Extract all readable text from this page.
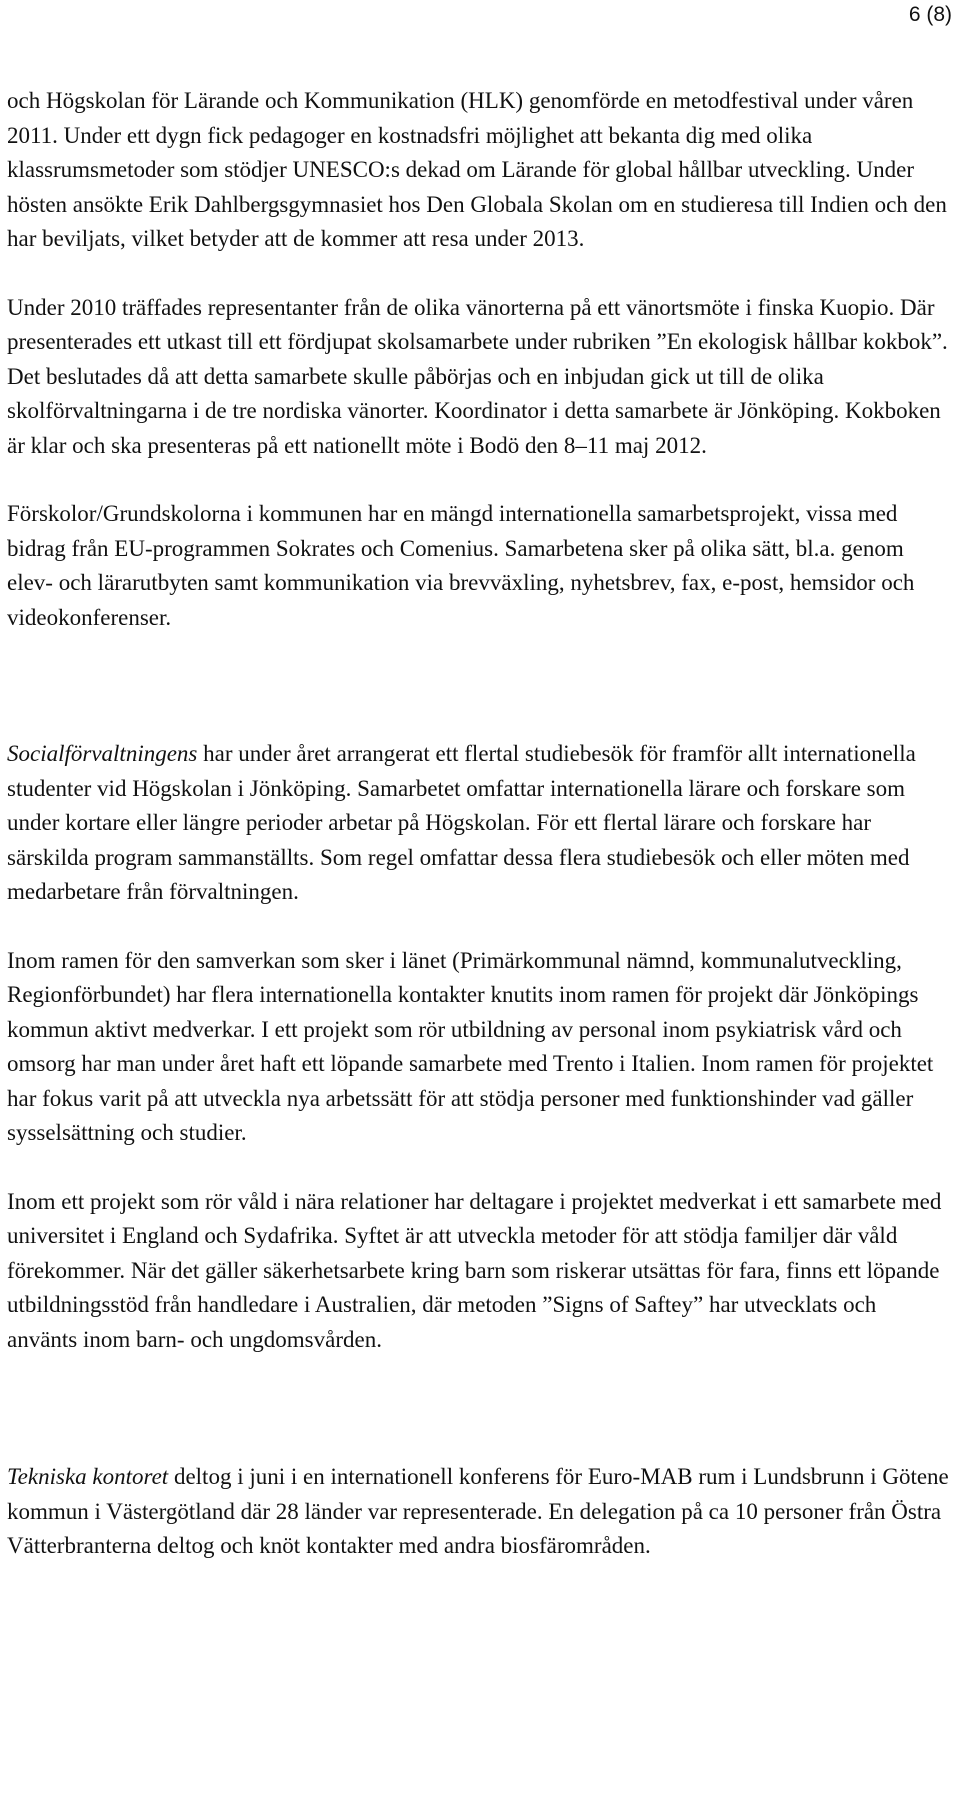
6 (8)

och Högskolan för Lärande och Kommunikation (HLK) genomförde en metodfestival under våren 2011. Under ett dygn fick pedagoger en kostnadsfri möjlighet att bekanta dig med olika klassrumsmetoder som stödjer UNESCO:s dekad om Lärande för global hållbar utveckling. Under hösten ansökte Erik Dahlbergsgymnasiet hos Den Globala Skolan om en studieresa till Indien och den har beviljats, vilket betyder att de kommer att resa under 2013.

Under 2010 träffades representanter från de olika vänorterna på ett vänortsmöte i finska Kuopio. Där presenterades ett utkast till ett fördjupat skolsamarbete under rubriken ”En ekologisk hållbar kokbok”. Det beslutades då att detta samarbete skulle påbörjas och en inbjudan gick ut till de olika skolförvaltningarna i de tre nordiska vänorter. Koordinator i detta samarbete är Jönköping. Kokboken är klar och ska presenteras på ett nationellt möte i Bodö den 8–11 maj 2012.

Förskolor/Grundskolorna i kommunen har en mängd internationella samarbetsprojekt, vissa med bidrag från EU-programmen Sokrates och Comenius. Samarbetena sker på olika sätt, bl.a. genom elev- och lärarutbyten samt kommunikation via brevväxling, nyhetsbrev, fax, e-post, hemsidor och videokonferenser.

Socialförvaltningens har under året arrangerat ett flertal studiebesök för framför allt internationella studenter vid Högskolan i Jönköping. Samarbetet omfattar internationella lärare och forskare som under kortare eller längre perioder arbetar på Högskolan. För ett flertal lärare och forskare har särskilda program sammanställts. Som regel omfattar dessa flera studiebesök och eller möten med medarbetare från förvaltningen.

Inom ramen för den samverkan som sker i länet (Primärkommunal nämnd, kommunalutveckling, Regionförbundet) har flera internationella kontakter knutits inom ramen för projekt där Jönköpings kommun aktivt medverkar. I ett projekt som rör utbildning av personal inom psykiatrisk vård och omsorg har man under året haft ett löpande samarbete med Trento i Italien. Inom ramen för projektet har fokus varit på att utveckla nya arbetssätt för att stödja personer med funktionshinder vad gäller sysselsättning och studier.

Inom ett projekt som rör våld i nära relationer har deltagare i projektet medverkat i ett samarbete med universitet i England och Sydafrika. Syftet är att utveckla metoder för att stödja familjer där våld förekommer. När det gäller säkerhetsarbete kring barn som riskerar utsättas för fara, finns ett löpande utbildningsstöd från handledare i Australien, där metoden ”Signs of Saftey” har utvecklats och använts inom barn- och ungdomsvården.

Tekniska kontoret deltog i juni i en internationell konferens för Euro-MAB rum i Lundsbrunn i Götene kommun i Västergötland där 28 länder var representerade. En delegation på ca 10 personer från Östra Vätterbranterna deltog och knöt kontakter med andra biosfärområden.
